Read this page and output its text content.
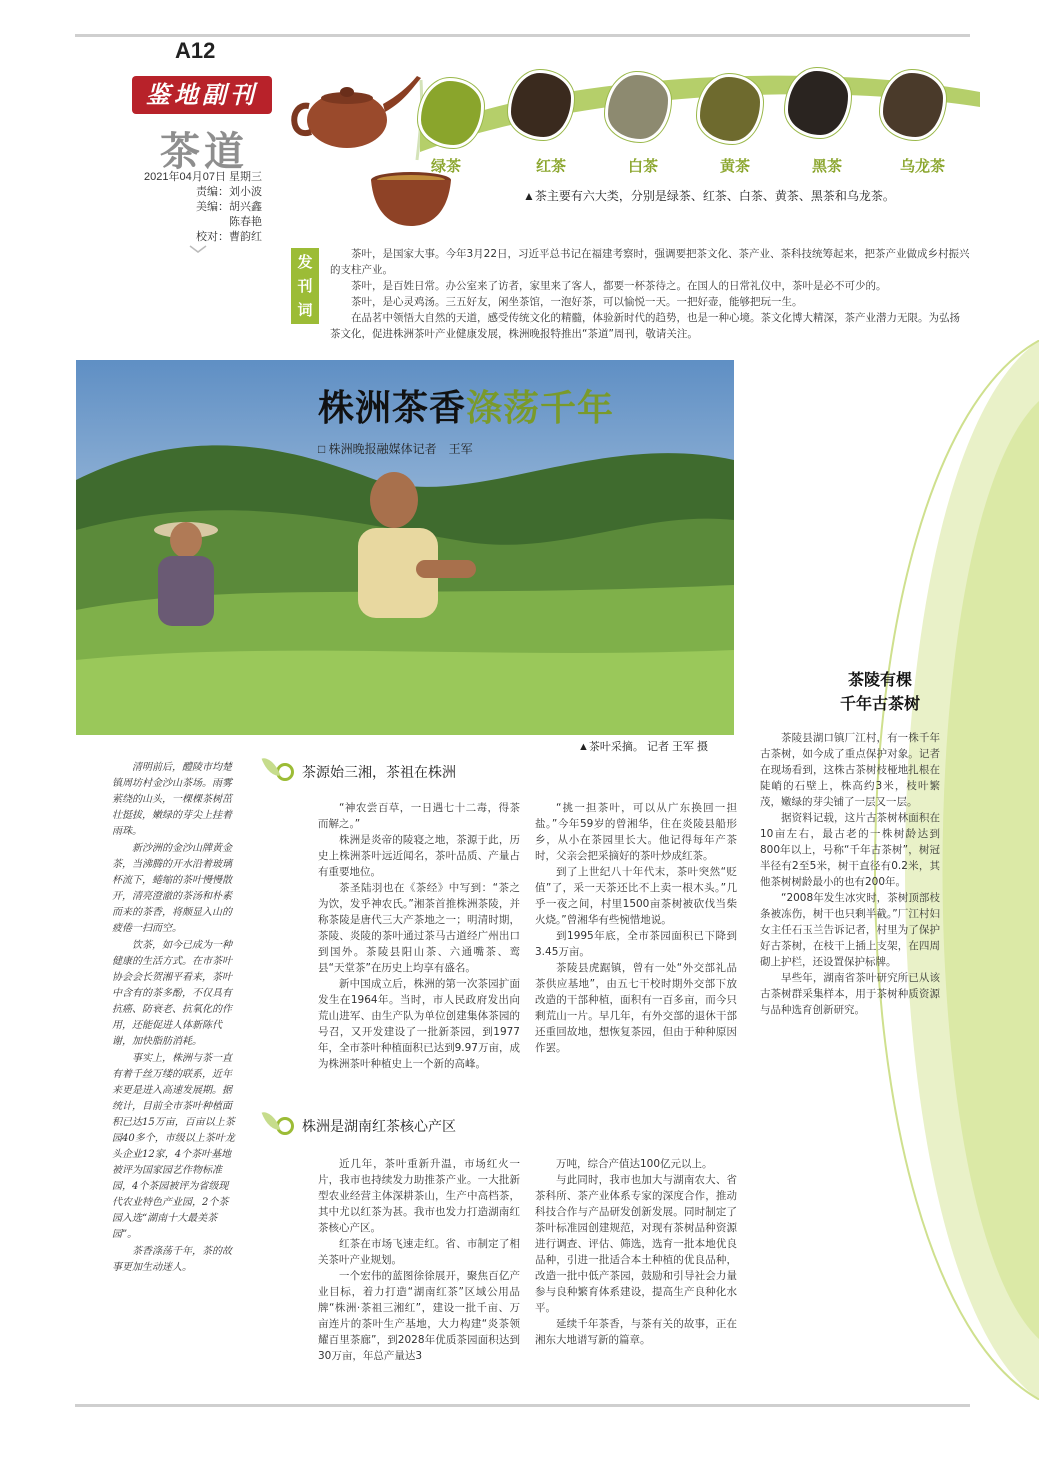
A12
鉴地副刊
茶道
2021年04月07日 星期三
责编：刘小波
美编：胡兴鑫
陈春艳
校对：曹韵红
绿茶	红茶	白茶	黄茶	黑茶	乌龙茶
▲茶主要有六大类，分别是绿茶、红茶、白茶、黄茶、黑茶和乌龙茶。
发刊词

茶叶，是国家大事。今年3月22日，习近平总书记在福建考察时，强调要把茶文化、茶产业、茶科技统筹起来，把茶产业做成乡村振兴的支柱产业。

茶叶，是百姓日常。办公室来了访者，家里来了客人，都要一杯茶待之。在国人的日常礼仪中，茶叶是必不可少的。

茶叶，是心灵鸡汤。三五好友，闲坐茶馆，一泡好茶，可以愉悦一天。一把好壶，能够把玩一生。

在品茗中领悟大自然的天道，感受传统文化的精髓，体验新时代的趋势，也是一种心境。茶文化博大精深，茶产业潜力无限。为弘扬茶文化，促进株洲茶叶产业健康发展，株洲晚报特推出“茶道”周刊，敬请关注。

株洲茶香涤荡千年
□ 株洲晚报融媒体记者　王军
▲茶叶采摘。 记者 王军 摄

清明前后，醴陵市均楚镇周坊村金沙山茶场。雨雾萦绕的山头，一棵棵茶树茁壮挺拔，嫩绿的芽尖上挂着雨珠。

新沙洲的金沙山牌黄金茶，当沸腾的开水沿着玻璃杯流下，蜷缩的茶叶慢慢散开，清亮澄澈的茶汤和朴素而来的茶香，将颇显入山的疲倦一扫而空。

饮茶，如今已成为一种健康的生活方式。在市茶叶协会会长贺湘平看来，茶叶中含有的茶多酚，不仅具有抗癌、防衰老、抗氧化的作用，还能促进人体新陈代谢，加快脂肪消耗。

事实上，株洲与茶一直有着千丝万缕的联系，近年来更是进入高速发展期。据统计，目前全市茶叶种植面积已达15万亩，百亩以上茶园40多个，市级以上茶叶龙头企业12家，4个茶叶基地被评为国家园艺作物标准园，4个茶园被评为省级现代农业特色产业园，2个茶园入选“湖南十大最美茶园”。

茶香涤荡千年，茶的故事更加生动迷人。

茶源始三湘，茶祖在株洲

“神农尝百草，一日遇七十二毒，得茶而解之。”

株洲是炎帝的陵寝之地，茶源于此，历史上株洲茶叶远近闻名，茶叶品质、产量占有重要地位。

茶圣陆羽也在《茶经》中写到：“茶之为饮，发乎神农氏。”湘茶首推株洲茶陵，并称茶陵是唐代三大产茶地之一；明清时期，茶陵、炎陵的茶叶通过茶马古道经广州出口到国外。茶陵县阳山茶、六通嘴茶、鸾县“天堂茶”在历史上均享有盛名。

新中国成立后，株洲的第一次茶园扩面发生在1964年。当时，市人民政府发出向荒山进军、由生产队为单位创建集体茶园的号召，又开发建设了一批新茶园，到1977年，全市茶叶种植面积已达到9.97万亩，成为株洲茶叶种植史上一个新的高峰。

“挑一担茶叶，可以从广东换回一担盐。”今年59岁的曾湘华，住在炎陵县船形乡，从小在茶园里长大。他记得每年产茶时，父亲会把采摘好的茶叶炒成红茶。

到了上世纪八十年代末，茶叶突然“贬值”了，采一天茶还比不上卖一根木头。”几乎一夜之间，村里1500亩茶树被砍伐当柴火烧。”曾湘华有些惋惜地说。

到1995年底，全市茶园面积已下降到3.45万亩。

茶陵县虎踞镇，曾有一处“外交部礼品茶供应基地”，由五七干校时期外交部下放改造的干部种植，面积有一百多亩，而今只剩荒山一片。早几年，有外交部的退休干部还重回故地，想恢复茶园，但由于种种原因作罢。

株洲是湖南红茶核心产区

近几年，茶叶重新升温，市场红火一片，我市也持续发力助推茶产业。一大批新型农业经营主体深耕茶山，生产中高档茶，其中尤以红茶为甚。我市也发力打造湖南红茶核心产区。

红茶在市场飞速走红。省、市制定了相关茶叶产业规划。

一个宏伟的蓝图徐徐展开，聚焦百亿产业目标，着力打造“湖南红茶”区域公用品牌“株洲·茶祖三湘红”，建设一批千亩、万亩连片的茶叶生产基地，大力构建“炎茶领耀百里茶廊”，到2028年优质茶园面积达到30万亩，年总产量达3

万吨，综合产值达100亿元以上。

与此同时，我市也加大与湖南农大、省茶科所、茶产业体系专家的深度合作，推动科技合作与产品研发创新发展。同时制定了茶叶标准园创建规范，对现有茶树品种资源进行调查、评估、筛选，选育一批本地优良品种，引进一批适合本土种植的优良品种，改造一批中低产茶园，鼓励和引导社会力量参与良种繁育体系建设，提高生产良种化水平。

延续千年茶香，与茶有关的故事，正在湘东大地谱写新的篇章。

茶陵有棵
千年古茶树

茶陵县湖口镇厂江村，有一株千年古茶树，如今成了重点保护对象。记者在现场看到，这株古茶树枝桠地扎根在陡峭的石壁上，株高约3米，枝叶繁茂，嫩绿的芽尖铺了一层又一层。

据资料记载，这片古茶树林面积在10亩左右，最古老的一株树龄达到800年以上，号称“千年古茶树”，树冠半径有2至5米，树干直径有0.2米，其他茶树树龄最小的也有200年。

“2008年发生冰灾时，茶树顶部枝条被冻伤，树干也只剩半截。”厂江村妇女主任石玉兰告诉记者，村里为了保护好古茶树，在枝干上插上支架，在四周砌上护栏，还设置保护标牌。

早些年，湖南省茶叶研究所已从该古茶树群采集样本，用于茶树种质资源与品种选育创新研究。
